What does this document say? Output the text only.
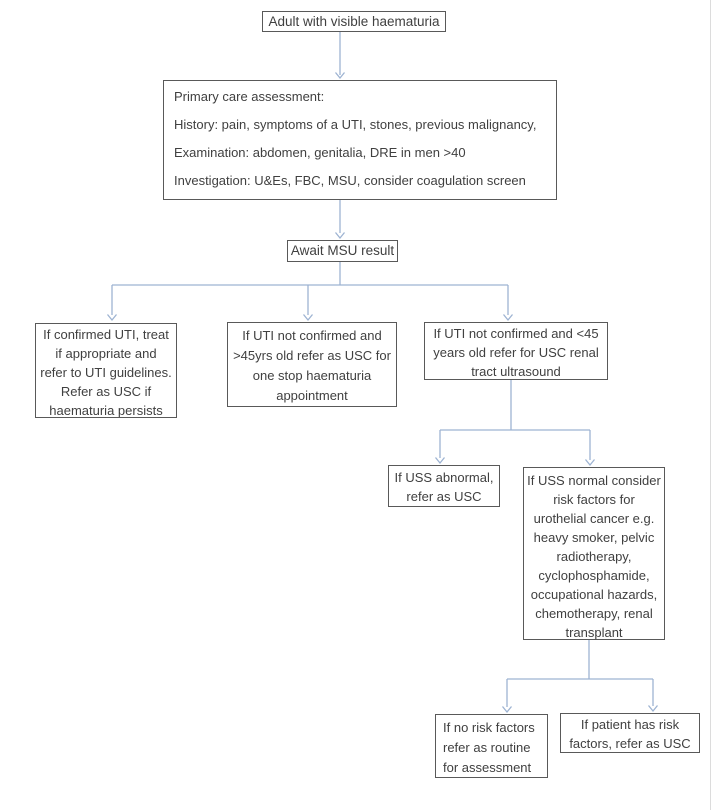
Adult with visible haematuria
Primary care assessment:
History: pain, symptoms of a UTI, stones, previous malignancy,
Examination: abdomen, genitalia, DRE in men >40
Investigation: U&Es, FBC, MSU, consider coagulation screen
Await MSU result
If confirmed UTI, treat
if appropriate and
refer to UTI guidelines.
Refer as USC if
haematuria persists
If UTI not confirmed and
>45yrs old refer as USC for
one stop haematuria
appointment
If UTI not confirmed and <45
years old refer for USC renal
tract ultrasound
If USS abnormal,
refer as USC
If USS normal consider
risk factors for
urothelial cancer e.g.
heavy smoker, pelvic
radiotherapy,
cyclophosphamide,
occupational hazards,
chemotherapy, renal
transplant
If no risk factors
refer as routine
for assessment
If patient has risk
factors, refer as USC
